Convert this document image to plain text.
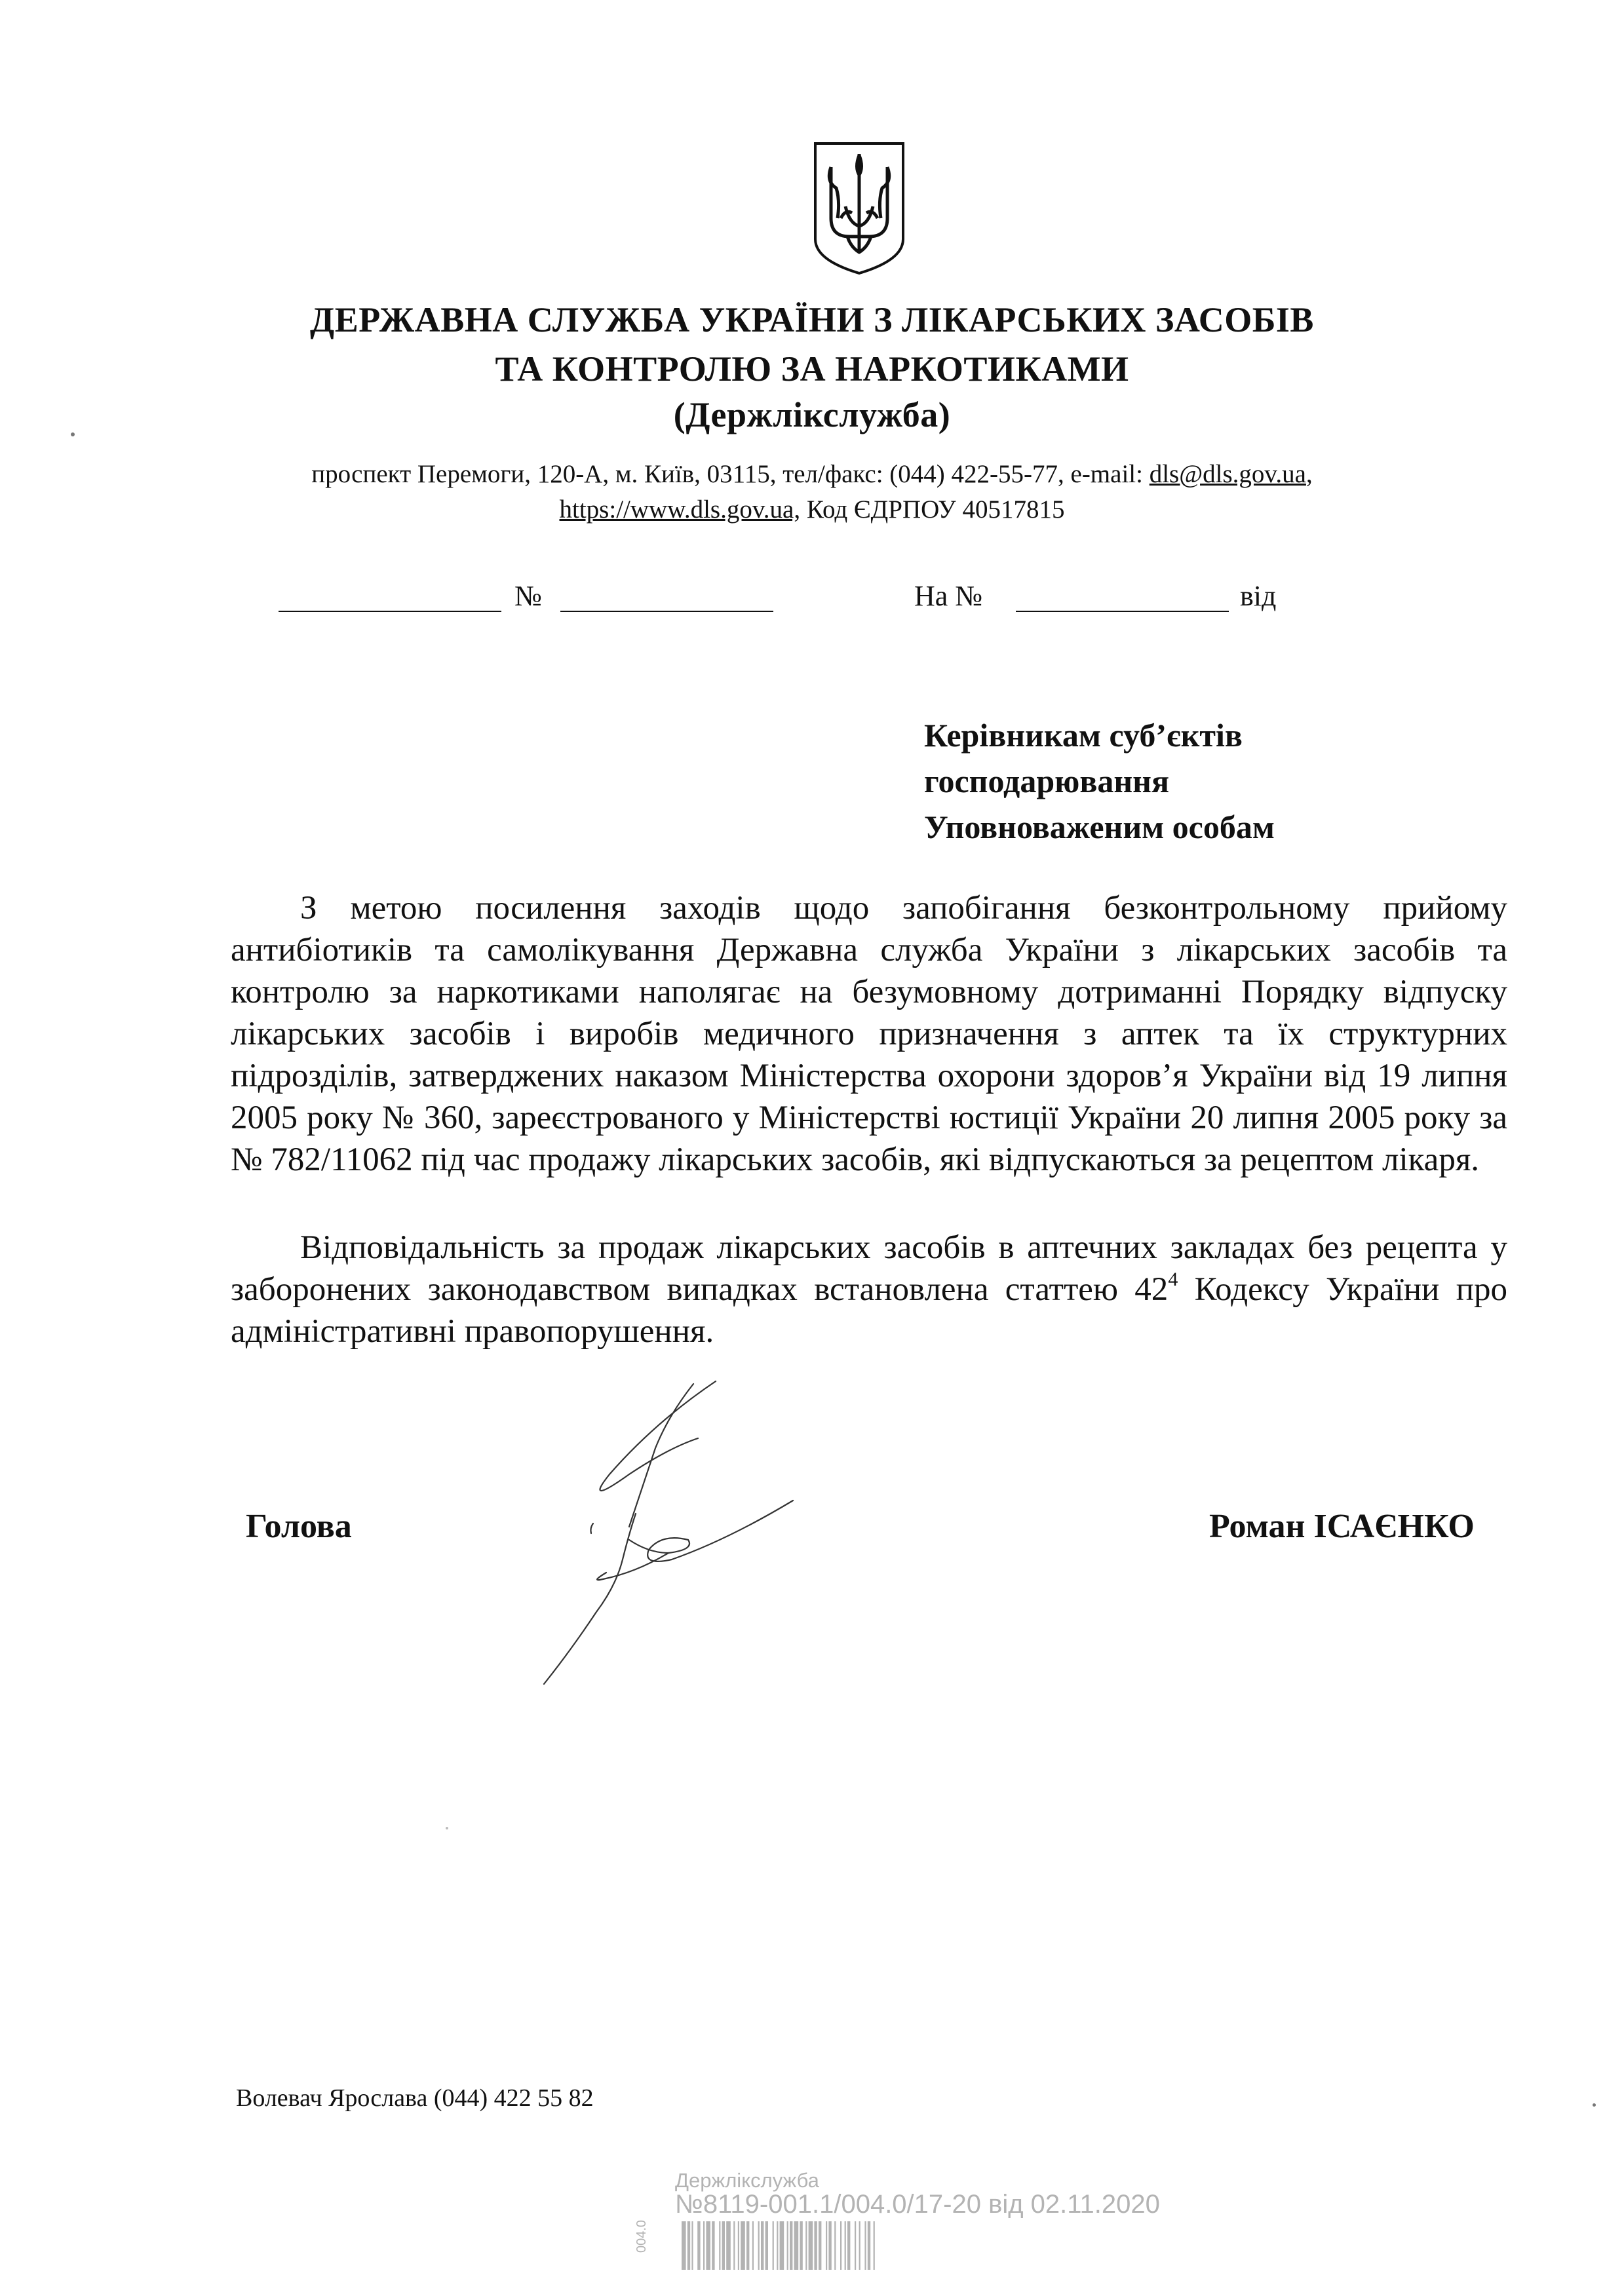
ДЕРЖАВНА СЛУЖБА УКРАЇНИ З ЛІКАРСЬКИХ ЗАСОБІВ
ТА КОНТРОЛЮ ЗА НАРКОТИКАМИ
(Держлікслужба)
проспект Перемоги, 120-А, м. Київ, 03115, тел/факс: (044) 422-55-77, e-mail: dls@dls.gov.ua,
https://www.dls.gov.ua, Код ЄДРПОУ 40517815
№	На №	від
Керівникам суб’єктів
господарювання
Уповноваженим особам
З метою посилення заходів щодо запобігання безконтрольному прийому антибіотиків та самолікування Державна служба України з лікарських засобів та контролю за наркотиками наполягає на безумовному дотриманні Порядку відпуску лікарських засобів і виробів медичного призначення з аптек та їх структурних підрозділів, затверджених наказом Міністерства охорони здоров’я України від 19 липня 2005 року № 360, зареєстрованого у Міністерстві юстиції України 20 липня 2005 року за № 782/11062 під час продажу лікарських засобів, які відпускаються за рецептом лікаря.
Відповідальність за продаж лікарських засобів в аптечних закладах без рецепта у заборонених законодавством випадках встановлена статтею $42^4$ Кодексу України про адміністративні правопорушення.
Голова	Роман ІСАЄНКО
Волевач Ярослава (044) 422 55 82
Держлікслужба
№8119-001.1/004.0/17-20 від 02.11.2020
004.0
